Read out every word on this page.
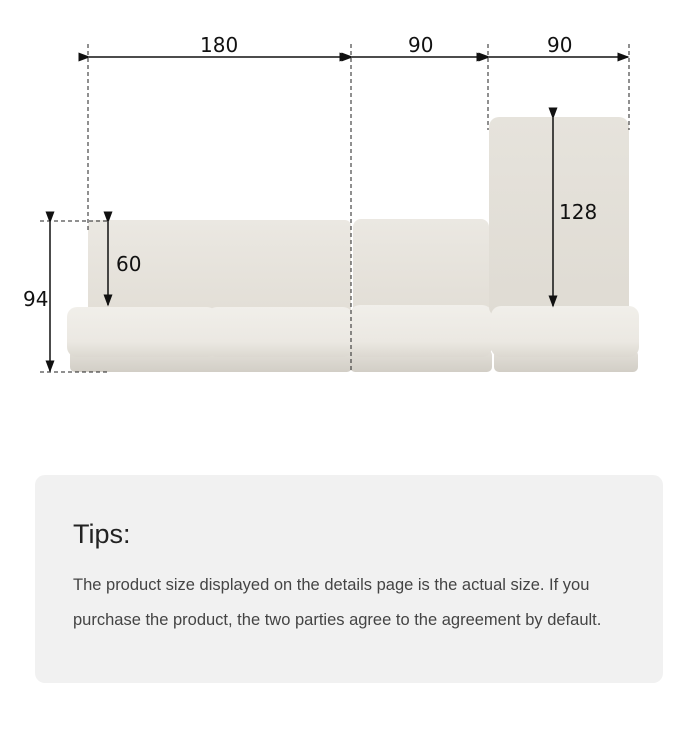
180	90	90
94
60
128
Tips:
The product size displayed on the details page is the actual size. If you purchase the product, the two parties agree to the agreement by default.
